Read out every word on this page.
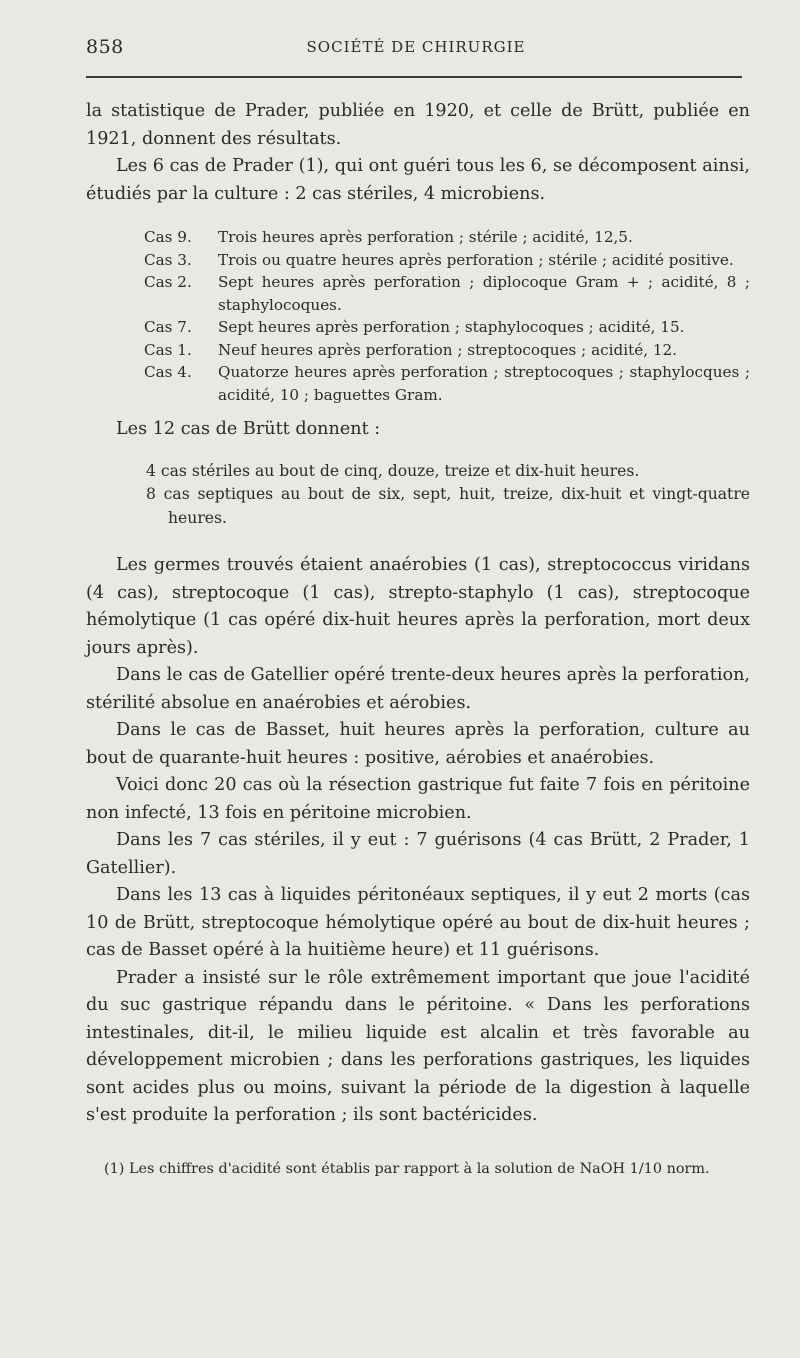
858	SOCIÉTÉ DE CHIRURGIE

la statistique de Prader, publiée en 1920, et celle de Brütt, publiée en 1921, donnent des résultats.

Les 6 cas de Prader (1), qui ont guéri tous les 6, se décomposent ainsi, étudiés par la culture : 2 cas stériles, 4 microbiens.

Cas 9. Trois heures après perforation ; stérile ; acidité, 12,5.

Cas 3. Trois ou quatre heures après perforation ; stérile ; acidité positive.

Cas 2. Sept heures après perforation ; diplocoque Gram + ; acidité, 8 ; staphylocoques.

Cas 7. Sept heures après perforation ; staphylocoques ; acidité, 15.

Cas 1. Neuf heures après perforation ; streptocoques ; acidité, 12.

Cas 4. Quatorze heures après perforation ; streptocoques ; staphylocques ; acidité, 10 ; baguettes Gram.

Les 12 cas de Brütt donnent :

4 cas stériles au bout de cinq, douze, treize et dix-huit heures.

8 cas septiques au bout de six, sept, huit, treize, dix-huit et vingt-quatre heures.

Les germes trouvés étaient anaérobies (1 cas), streptococcus viridans (4 cas), streptocoque (1 cas), strepto-staphylo (1 cas), streptocoque hémolytique (1 cas opéré dix-huit heures après la perforation, mort deux jours après).

Dans le cas de Gatellier opéré trente-deux heures après la perforation, stérilité absolue en anaérobies et aérobies.

Dans le cas de Basset, huit heures après la perforation, culture au bout de quarante-huit heures : positive, aérobies et anaérobies.

Voici donc 20 cas où la résection gastrique fut faite 7 fois en péritoine non infecté, 13 fois en péritoine microbien.

Dans les 7 cas stériles, il y eut : 7 guérisons (4 cas Brütt, 2 Prader, 1 Gatellier).

Dans les 13 cas à liquides péritonéaux septiques, il y eut 2 morts (cas 10 de Brütt, streptocoque hémolytique opéré au bout de dix-huit heures ; cas de Basset opéré à la huitième heure) et 11 guérisons.

Prader a insisté sur le rôle extrêmement important que joue l'acidité du suc gastrique répandu dans le péritoine. « Dans les perforations intestinales, dit-il, le milieu liquide est alcalin et très favorable au développement microbien ; dans les perforations gastriques, les liquides sont acides plus ou moins, suivant la période de la digestion à laquelle s'est produite la perforation ; ils sont bactéricides.

(1) Les chiffres d'acidité sont établis par rapport à la solution de NaOH 1/10 norm.
